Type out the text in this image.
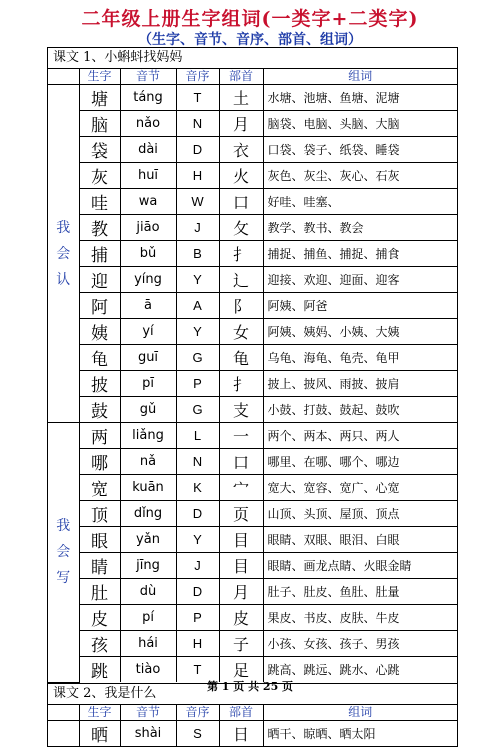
二年级上册生字组词(一类字+二类字)
（生字、音节、音序、部首、组词）
课文 1、小蝌蚪找妈妈
	生字	音节	音序	部首	组词
我 会 认	塘	táng	T	土	水塘、池塘、鱼塘、泥塘
	脑	nǎo	N	月	脑袋、电脑、头脑、大脑
	袋	dài	D	衣	口袋、袋子、纸袋、睡袋
	灰	huī	H	火	灰色、灰尘、灰心、石灰
	哇	wa	W	口	好哇、哇塞、
	教	jiāo	J	攵	教学、教书、教会
	捕	bǔ	B	扌	捕捉、捕鱼、捕捉、捕食
	迎	yíng	Y	辶	迎接、欢迎、迎面、迎客
	阿	ā	A	阝	阿姨、阿爸
	姨	yí	Y	女	阿姨、姨妈、小姨、大姨
	龟	guī	G	龟	乌龟、海龟、龟壳、龟甲
	披	pī	P	扌	披上、披风、雨披、披肩
	鼓	gǔ	G	支	小鼓、打鼓、鼓起、鼓吹
我 会 写	两	liǎng	L	一	两个、两本、两只、两人
	哪	nǎ	N	口	哪里、在哪、哪个、哪边
	宽	kuān	K	宀	宽大、宽容、宽广、心宽
	顶	dǐng	D	页	山顶、头顶、屋顶、顶点
	眼	yǎn	Y	目	眼睛、双眼、眼泪、白眼
	睛	jīng	J	目	眼睛、画龙点睛、火眼金睛
	肚	dù	D	月	肚子、肚皮、鱼肚、肚量
	皮	pí	P	皮	果皮、书皮、皮肤、牛皮
	孩	hái	H	子	小孩、女孩、孩子、男孩
	跳	tiào	T	足	跳高、跳远、跳水、心跳
课文 2、我是什么
	生字	音节	音序	部首	组词
	晒	shài	S	日	晒干、晾晒、晒太阳
第 1 页 共 25 页
